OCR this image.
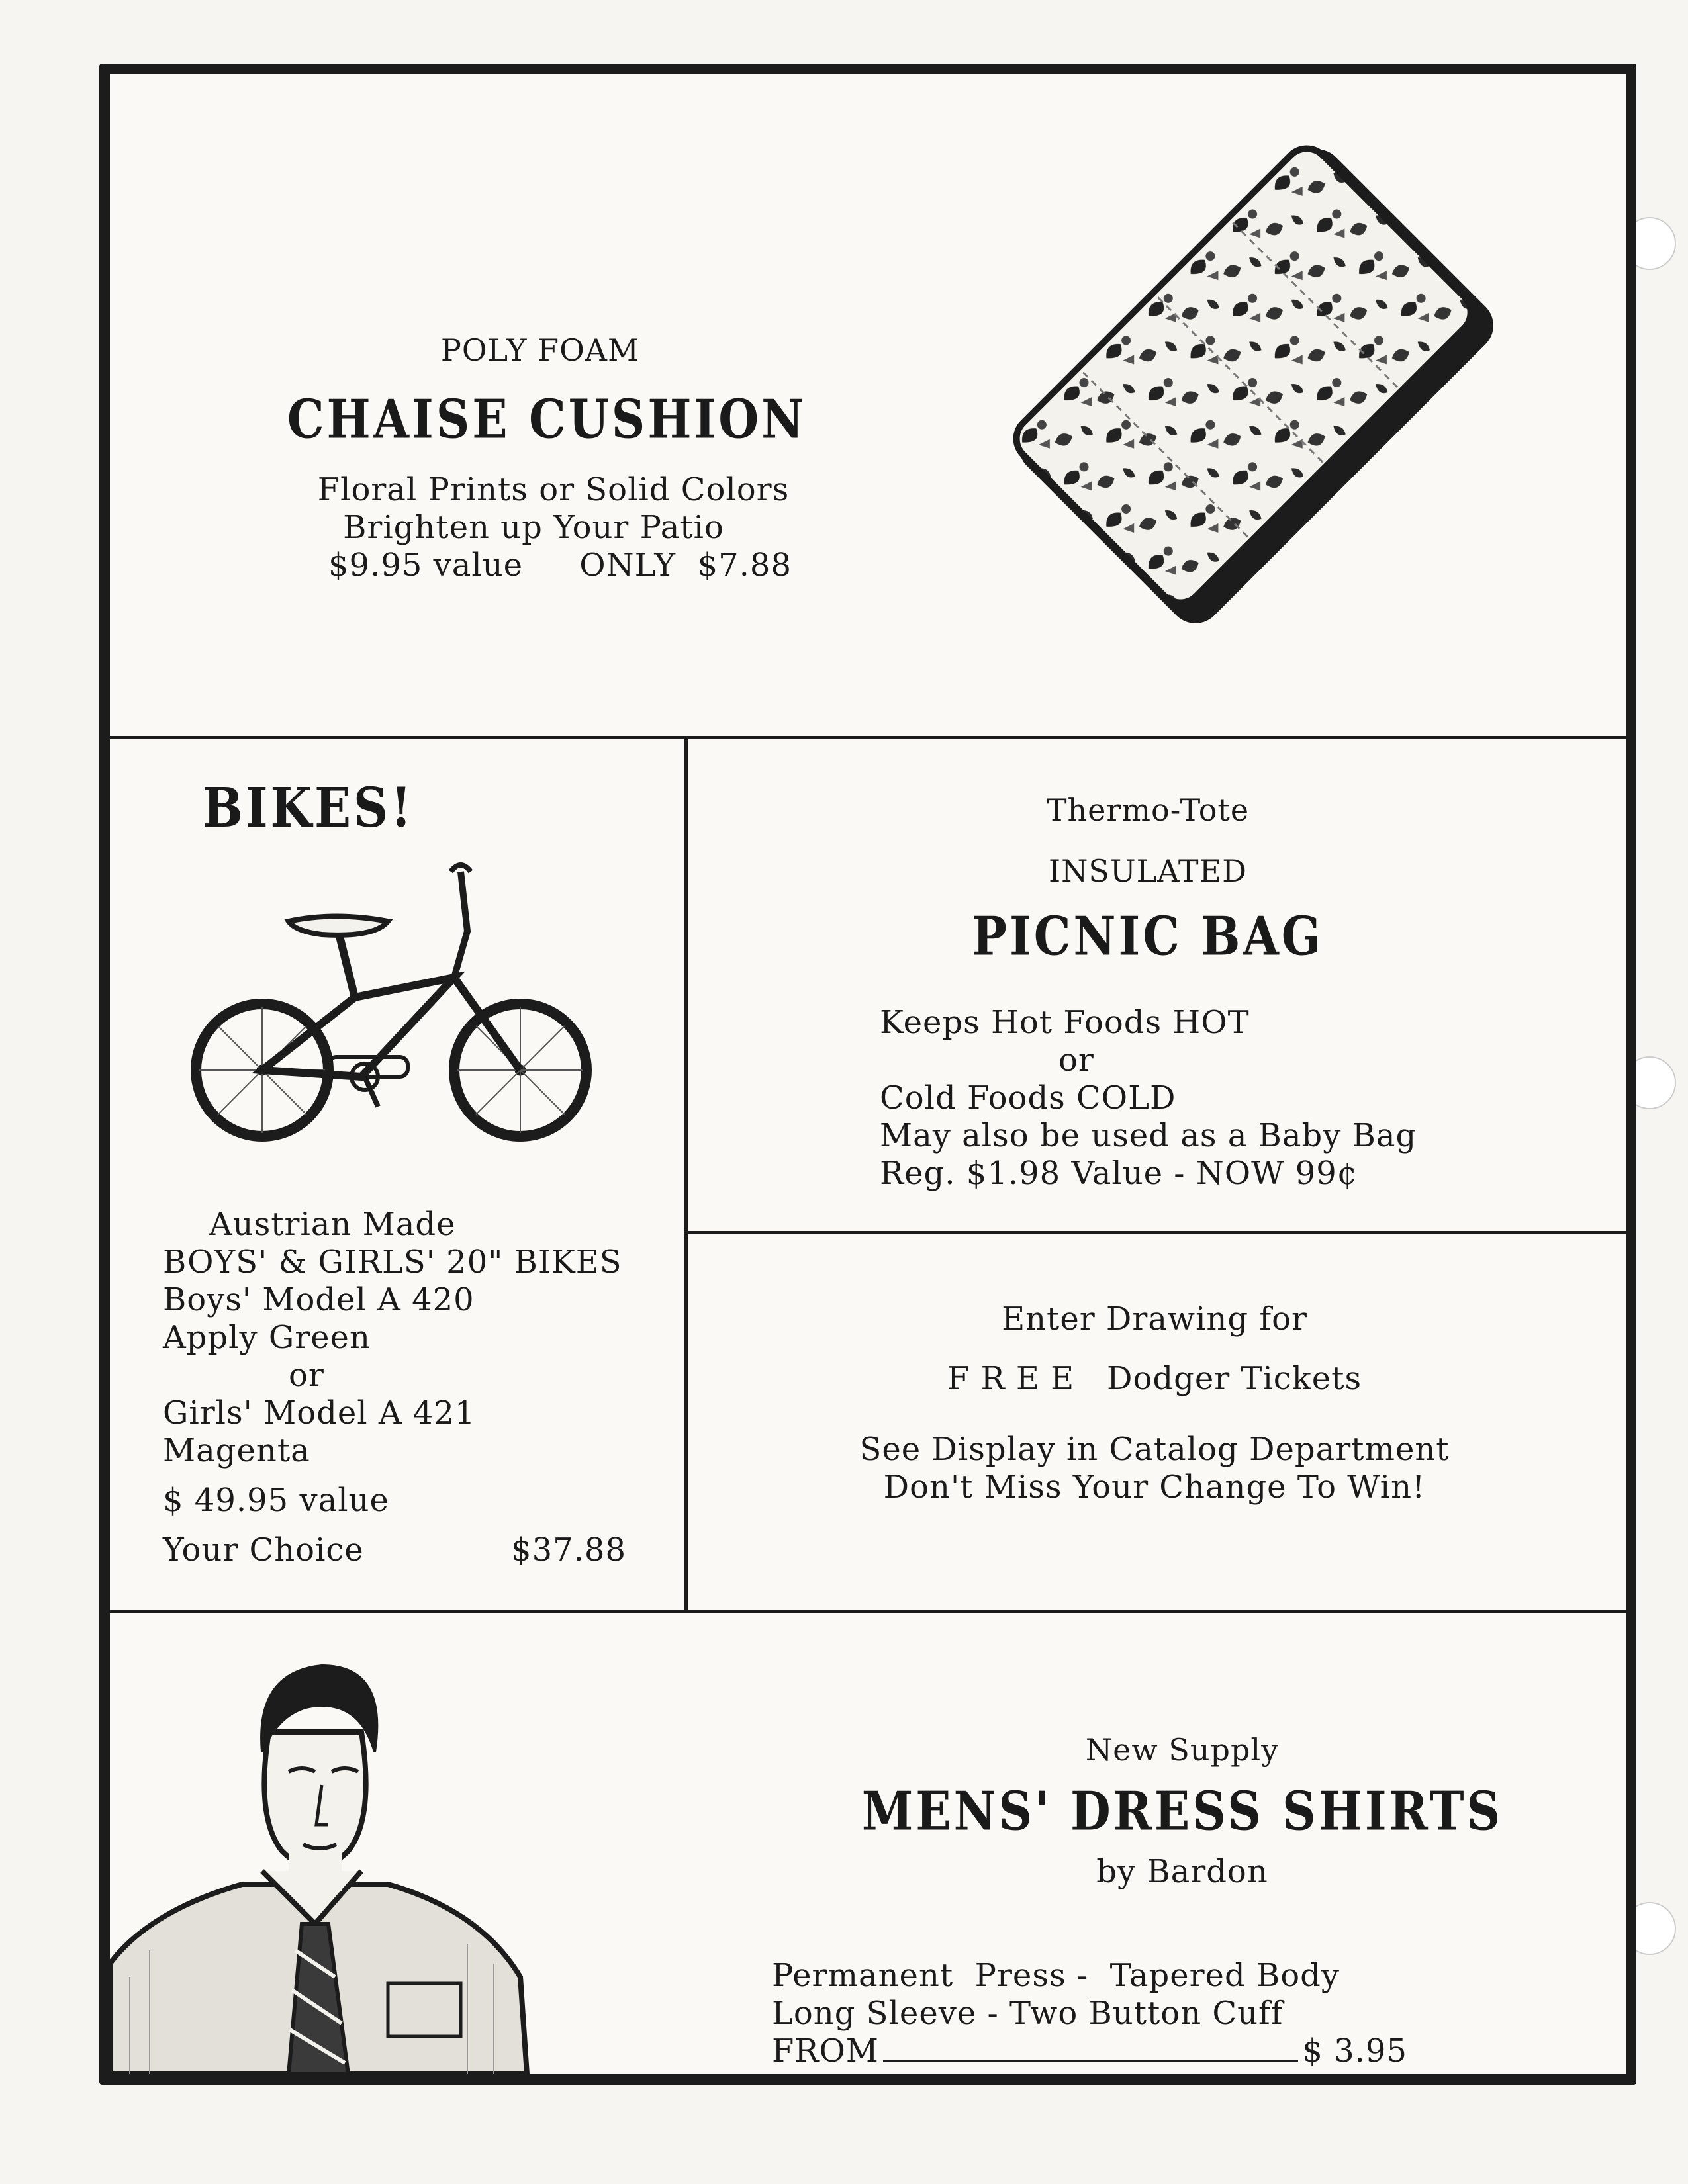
POLY FOAM
CHAISE CUSHION
Floral Prints or Solid Colors
Brighten up Your Patio
$9.95 value ONLY  $7.88
BIKES!
Austrian Made
BOYS' & GIRLS' 20" BIKES
Boys' Model A 420
Apply Green
or
Girls' Model A 421
Magenta
$ 49.95 value
Your Choice	$37.88
Thermo-Tote
INSULATED
PICNIC BAG
Keeps Hot Foods HOT
or
Cold Foods COLD
May also be used as a Baby Bag
Reg. $1.98 Value - NOW 99¢
Enter Drawing for
F R E E   Dodger Tickets
See Display in Catalog Department
Don't Miss Your Change To Win!
New Supply
MENS' DRESS SHIRTS
by Bardon
Permanent  Press -  Tapered Body
Long Sleeve - Two Button Cuff
FROM	$ 3.95
